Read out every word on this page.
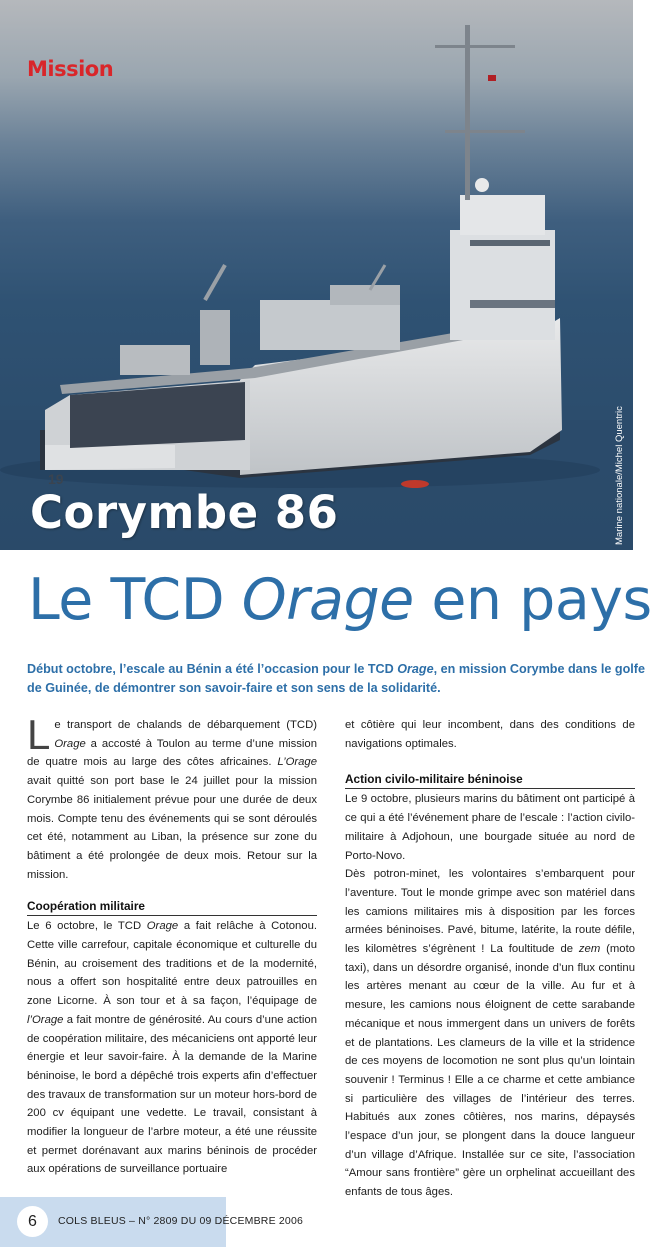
19
Mission
Marine nationale/Michel Quentric
Corymbe 86
Le TCD Orage en pays
Début octobre, l’escale au Bénin a été l’occasion pour le TCD Orage, en mission Corymbe dans le golfe de Guinée, de démontrer son savoir-faire et son sens de la solidarité.

Le transport de chalands de débarquement (TCD) Orage a accosté à Toulon au terme d’une mission de quatre mois au large des côtes africaines. L’Orage avait quitté son port base le 24 juillet pour la mission Corymbe 86 initialement prévue pour une durée de deux mois. Compte tenu des événements qui se sont déroulés cet été, notamment au Liban, la présence sur zone du bâtiment a été prolongée de deux mois. Retour sur la mission.

Coopération militaire

Le 6 octobre, le TCD Orage a fait relâche à Cotonou. Cette ville carrefour, capitale économique et culturelle du Bénin, au croisement des traditions et de la modernité, nous a offert son hospitalité entre deux patrouilles en zone Licorne. À son tour et à sa façon, l’équipage de l’Orage a fait montre de générosité. Au cours d’une action de coopération militaire, des mécaniciens ont apporté leur énergie et leur savoir-faire. À la demande de la Marine béninoise, le bord a dépêché trois experts afin d’effectuer des travaux de transformation sur un moteur hors-bord de 200 cv équipant une vedette. Le travail, consistant à modifier la longueur de l’arbre moteur, a été une réussite et permet dorénavant aux marins béninois de procéder aux opérations de surveillance portuaire

et côtière qui leur incombent, dans des conditions de navigations optimales.

Action civilo-militaire béninoise

Le 9 octobre, plusieurs marins du bâtiment ont participé à ce qui a été l’événement phare de l’escale : l’action civilo-militaire à Adjohoun, une bourgade située au nord de Porto-Novo.

Dès potron-minet, les volontaires s’embarquent pour l’aventure. Tout le monde grimpe avec son matériel dans les camions militaires mis à disposition par les forces armées béninoises. Pavé, bitume, latérite, la route défile, les kilomètres s’égrènent ! La foultitude de zem (moto taxi), dans un désordre organisé, inonde d’un flux continu les artères menant au cœur de la ville. Au fur et à mesure, les camions nous éloignent de cette sarabande mécanique et nous immergent dans un univers de forêts et de plantations. Les clameurs de la ville et la stridence de ces moyens de locomotion ne sont plus qu’un lointain souvenir ! Terminus ! Elle a ce charme et cette ambiance si particulière des villages de l’intérieur des terres. Habitués aux zones côtières, nos marins, dépaysés l’espace d’un jour, se plongent dans la douce langueur d’un village d’Afrique. Installée sur ce site, l’association “Amour sans frontière” gère un orphelinat accueillant des enfants de tous âges.

6	COLS BLEUS – N° 2809 DU 09 DÉCEMBRE 2006
